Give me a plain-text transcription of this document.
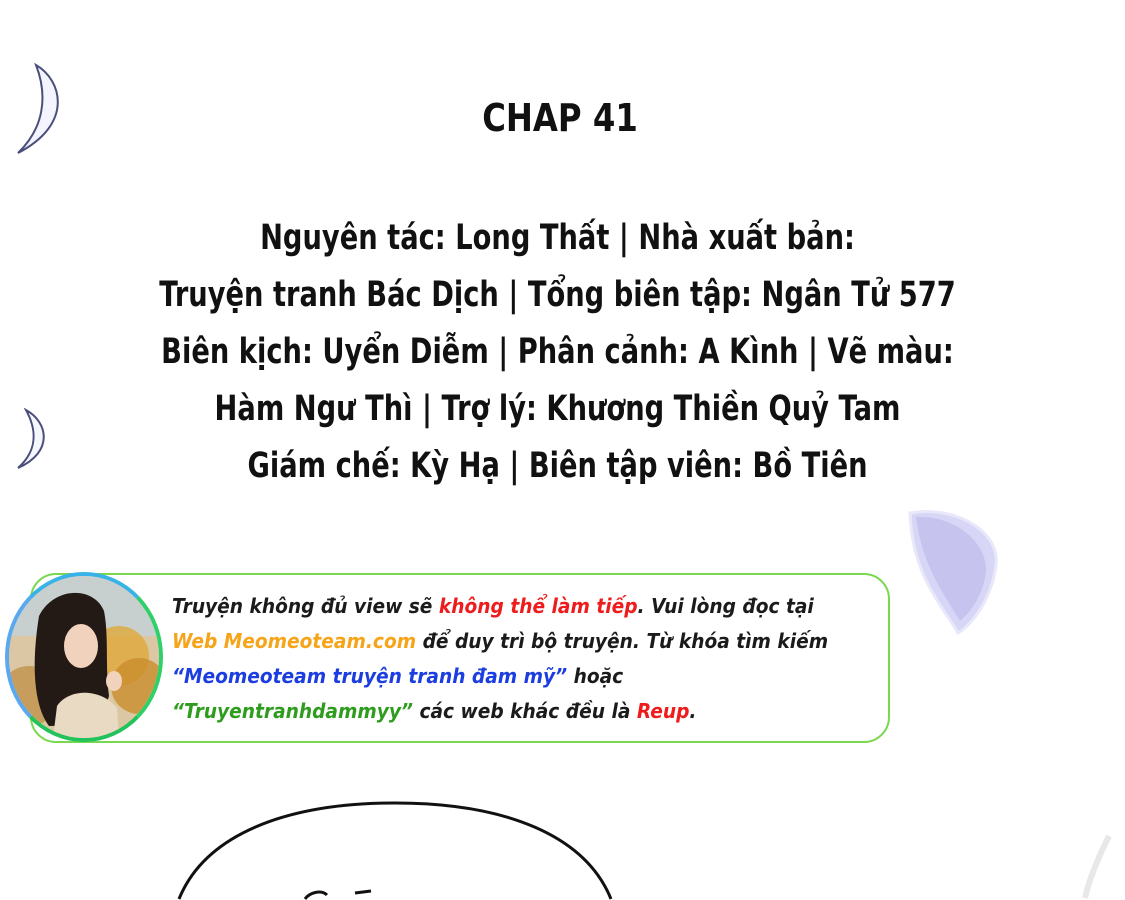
CHAP 41
Nguyên tác: Long Thất | Nhà xuất bản:
Truyện tranh Bác Dịch | Tổng biên tập: Ngân Tử 577
Biên kịch: Uyển Diễm | Phân cảnh: A Kình | Vẽ màu:
Hàm Ngư Thì | Trợ lý: Khương Thiền Quỷ Tam
Giám chế: Kỳ Hạ | Biên tập viên: Bồ Tiên
Truyện không đủ view sẽ không thể làm tiếp. Vui lòng đọc tại
Web Meomeoteam.com để duy trì bộ truyện. Từ khóa tìm kiếm
“Meomeoteam truyện tranh đam mỹ” hoặc
“Truyentranhdammyy” các web khác đều là Reup.
